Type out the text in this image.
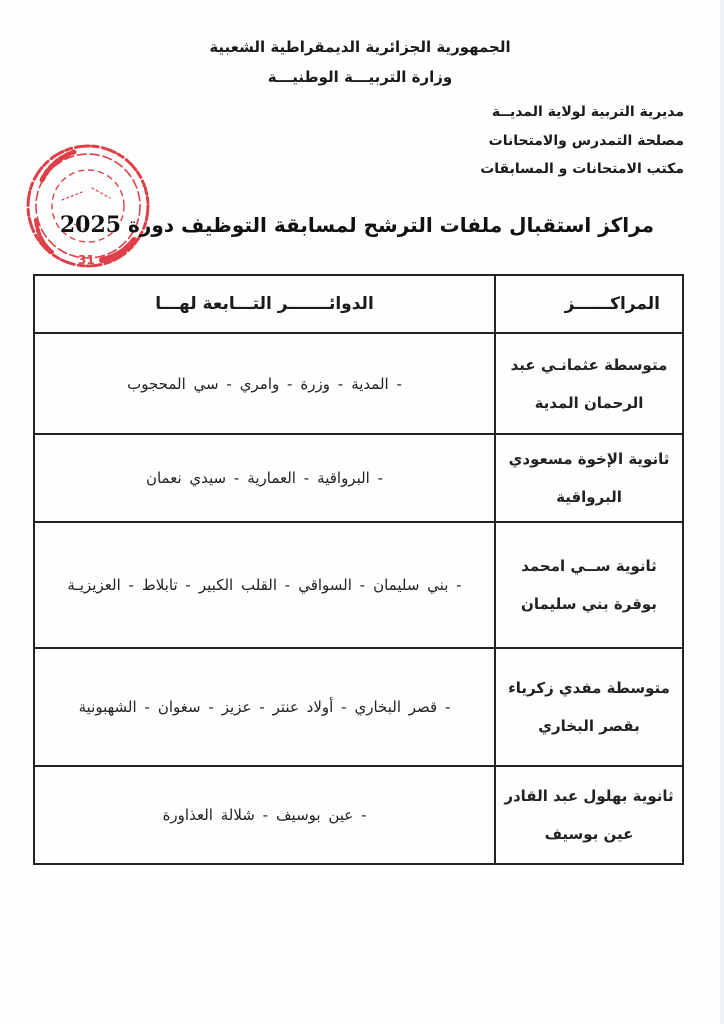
الجمهورية الجزائرية الديمقراطية الشعبية
وزارة التربيـــة الوطنيـــة
مديرية التربية لولاية المديــة
مصلحة التمدرس والامتحانات
مكتب الامتحانات و المسابقات
31
مراكز استقبال ملفات الترشح لمسابقة التوظيف دورة 2025
المراكــــــز	الدوائـــــــر التـــابعة لهـــا

متوسطة عثمانـي عبد
الرحمان المدية	- المدية- وزرة- وامري- سي المحجوب

ثانوية الإخوة مسعودي
البرواقية	- البرواقية- العمارية- سيدي نعمان

ثانوية ســي امحمد
بوقرة بني سليمان	- بني سليمان- السواقي- القلب الكبير- تابلاط- العزيزيـة

متوسطة مفدي زكرياء
بقصر البخاري	- قصر البخاري- أولاد عنتر- عزيز- سغوان- الشهبونية

ثانوية بهلول عبد القادر
عين بوسيف	- عين بوسيف- شلالة العذاورة
